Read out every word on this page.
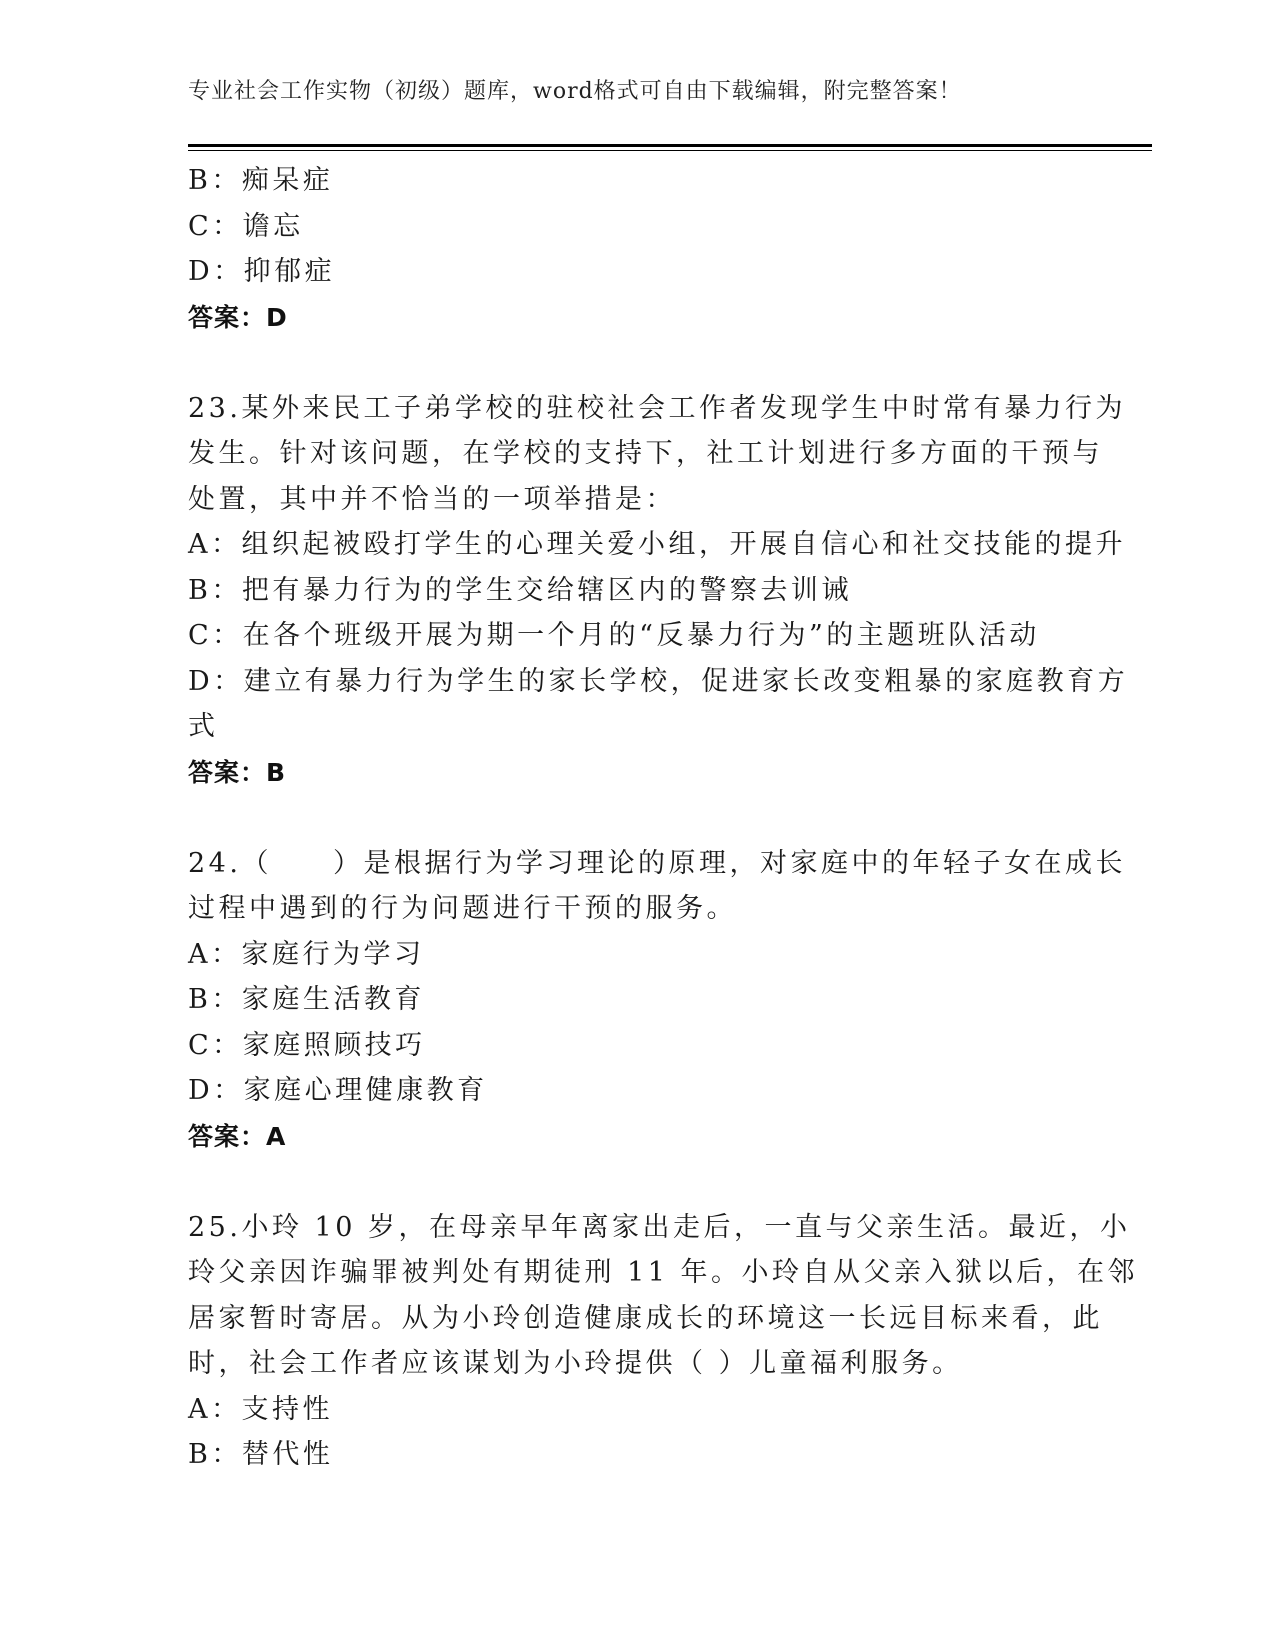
专业社会工作实物（初级）题库，word格式可自由下载编辑，附完整答案！
B：痴呆症
C：谵忘
D：抑郁症
答案：D
23.某外来民工子弟学校的驻校社会工作者发现学生中时常有暴力行为
发生。针对该问题，在学校的支持下，社工计划进行多方面的干预与
处置，其中并不恰当的一项举措是：
A：组织起被殴打学生的心理关爱小组，开展自信心和社交技能的提升
B：把有暴力行为的学生交给辖区内的警察去训诫
C：在各个班级开展为期一个月的“反暴力行为”的主题班队活动
D：建立有暴力行为学生的家长学校，促进家长改变粗暴的家庭教育方
式
答案：B
24.（　　）是根据行为学习理论的原理，对家庭中的年轻子女在成长
过程中遇到的行为问题进行干预的服务。
A：家庭行为学习
B：家庭生活教育
C：家庭照顾技巧
D：家庭心理健康教育
答案：A
25.小玲 10 岁，在母亲早年离家出走后，一直与父亲生活。最近，小
玲父亲因诈骗罪被判处有期徒刑 11 年。小玲自从父亲入狱以后，在邻
居家暂时寄居。从为小玲创造健康成长的环境这一长远目标来看，此
时，社会工作者应该谋划为小玲提供（ ）儿童福利服务。
A：支持性
B：替代性
